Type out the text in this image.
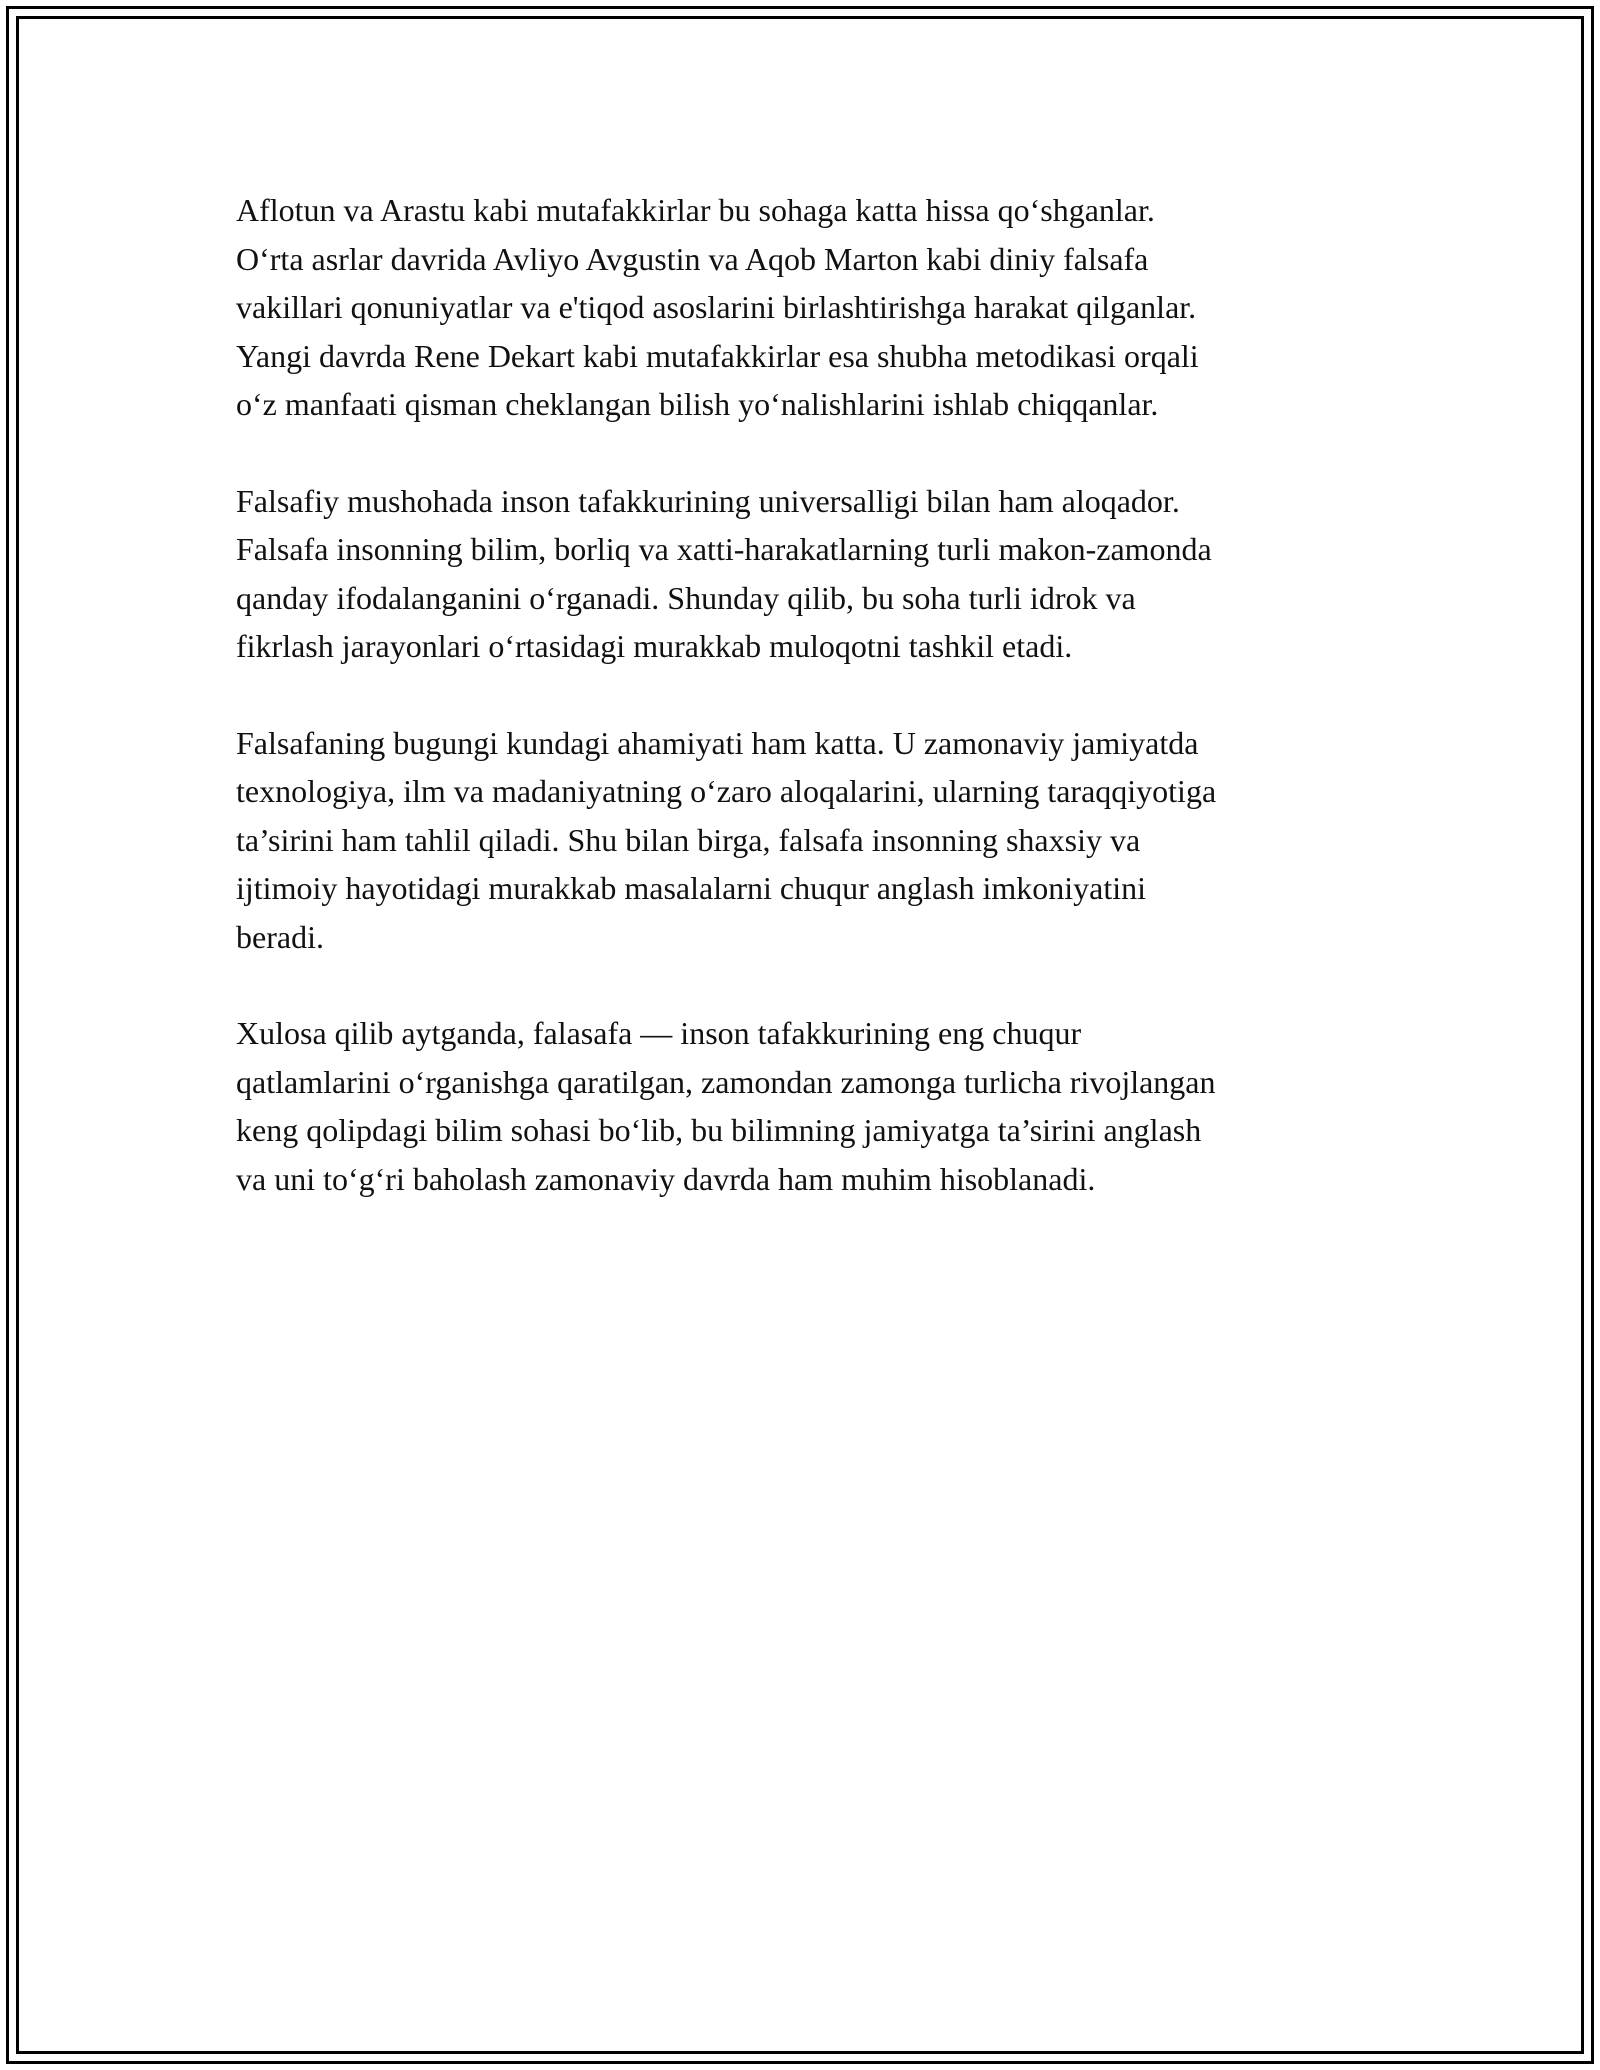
Aflotun va Arastu kabi mutafakkirlar bu sohaga katta hissa qo‘shganlar.
O‘rta asrlar davrida Avliyo Avgustin va Aqob Marton kabi diniy falsafa
vakillari qonuniyatlar va e'tiqod asoslarini birlashtirishga harakat qilganlar.
Yangi davrda Rene Dekart kabi mutafakkirlar esa shubha metodikasi orqali
o‘z manfaati qisman cheklangan bilish yo‘nalishlarini ishlab chiqqanlar.

Falsafiy mushohada inson tafakkurining universalligi bilan ham aloqador.
Falsafa insonning bilim, borliq va xatti-harakatlarning turli makon-zamonda
qanday ifodalanganini o‘rganadi. Shunday qilib, bu soha turli idrok va
fikrlash jarayonlari o‘rtasidagi murakkab muloqotni tashkil etadi.

Falsafaning bugungi kundagi ahamiyati ham katta. U zamonaviy jamiyatda
texnologiya, ilm va madaniyatning o‘zaro aloqalarini, ularning taraqqiyotiga
ta’sirini ham tahlil qiladi. Shu bilan birga, falsafa insonning shaxsiy va
ijtimoiy hayotidagi murakkab masalalarni chuqur anglash imkoniyatini
beradi.

Xulosa qilib aytganda, falasafa — inson tafakkurining eng chuqur
qatlamlarini o‘rganishga qaratilgan, zamondan zamonga turlicha rivojlangan
keng qolipdagi bilim sohasi bo‘lib, bu bilimning jamiyatga ta’sirini anglash
va uni to‘g‘ri baholash zamonaviy davrda ham muhim hisoblanadi.
